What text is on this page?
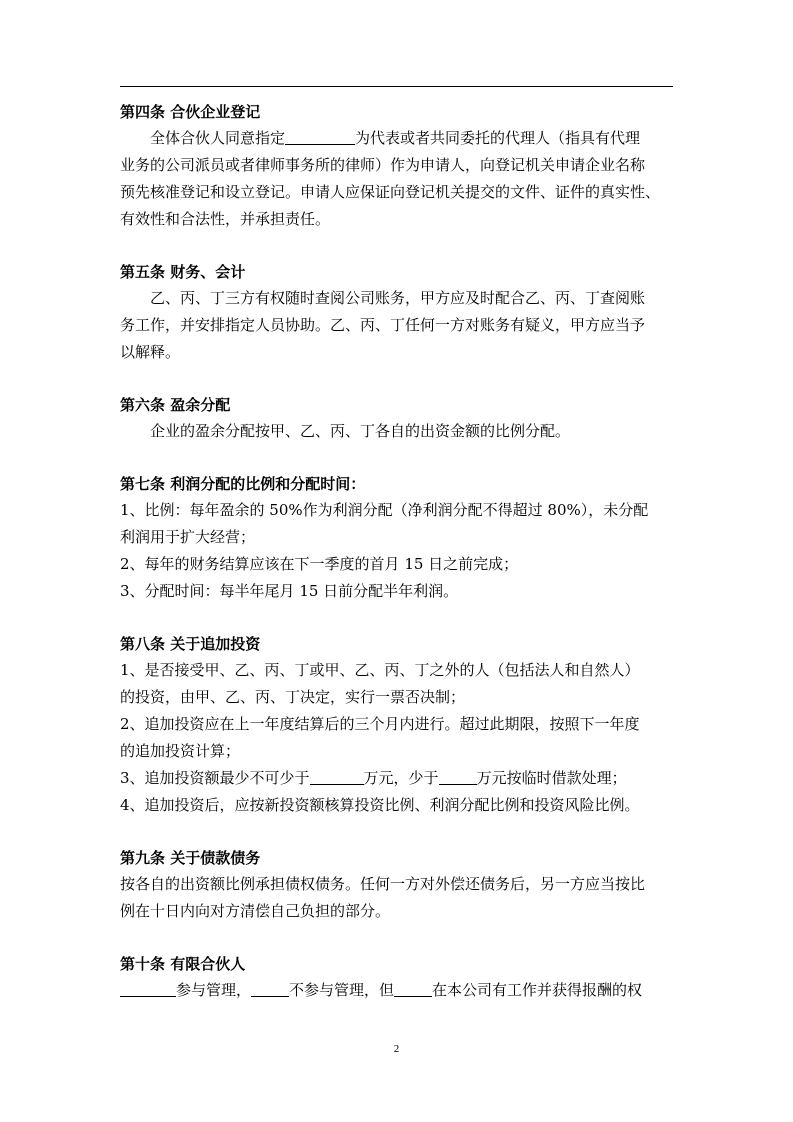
第四条 合伙企业登记
全体合伙人同意指定	为代表或者共同委托的代理人（指具有代理
业务的公司派员或者律师事务所的律师）作为申请人，向登记机关申请企业名称
预先核准登记和设立登记。申请人应保证向登记机关提交的文件、证件的真实性、
有效性和合法性，并承担责任。
第五条 财务、会计
乙、丙、丁三方有权随时查阅公司账务，甲方应及时配合乙、丙、丁查阅账
务工作，并安排指定人员协助。乙、丙、丁任何一方对账务有疑义，甲方应当予
以解释。
第六条 盈余分配
企业的盈余分配按甲、乙、丙、丁各自的出资金额的比例分配。
第七条 利润分配的比例和分配时间：
1、比例：每年盈余的 50%作为利润分配（净利润分配不得超过 80%），未分配
利润用于扩大经营；
2、每年的财务结算应该在下一季度的首月 15 日之前完成；
3、分配时间：每半年尾月 15 日前分配半年利润。
第八条 关于追加投资
1、是否接受甲、乙、丙、丁或甲、乙、丙、丁之外的人（包括法人和自然人）
的投资，由甲、乙、丙、丁决定，实行一票否决制；
2、追加投资应在上一年度结算后的三个月内进行。超过此期限，按照下一年度
的追加投资计算；
3、追加投资额最少不可少于	万元，少于	万元按临时借款处理；
4、追加投资后，应按新投资额核算投资比例、利润分配比例和投资风险比例。
第九条 关于债款债务
按各自的出资额比例承担债权债务。任何一方对外偿还债务后，另一方应当按比
例在十日内向对方清偿自己负担的部分。
第十条 有限合伙人
参与管理，	不参与管理，但	在本公司有工作并获得报酬的权
2
